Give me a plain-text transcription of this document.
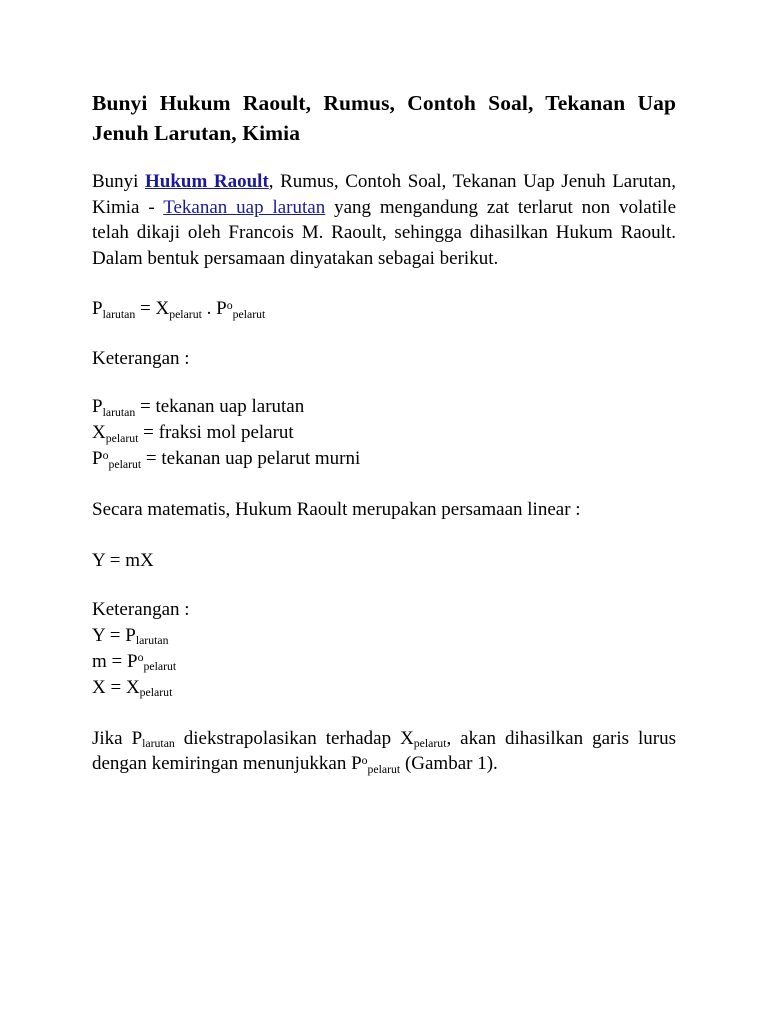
Bunyi Hukum Raoult, Rumus, Contoh Soal, Tekanan Uap Jenuh Larutan, Kimia

Bunyi Hukum Raoult, Rumus, Contoh Soal, Tekanan Uap Jenuh Larutan, Kimia - Tekanan uap larutan yang mengandung zat terlarut non volatile telah dikaji oleh Francois M. Raoult, sehingga dihasilkan Hukum Raoult. Dalam bentuk persamaan dinyatakan sebagai berikut.

$P_{larutan} = X_{pelarut}$ . $P^o_{pelarut}$

Keterangan :

$P_{larutan}$ = tekanan uap larutan

$X_{pelarut}$ = fraksi mol pelarut

$P^o_{pelarut}$ = tekanan uap pelarut murni

Secara matematis, Hukum Raoult merupakan persamaan linear :

Y = mX

Keterangan :

$Y = P_{larutan}$

$m = P^o_{pelarut}$

$X = X_{pelarut}$

Jika $P_{larutan}$ diekstrapolasikan terhadap $X_{pelarut}$, akan dihasilkan garis lurus dengan kemiringan menunjukkan $P^o_{pelarut}$ (Gambar 1).
